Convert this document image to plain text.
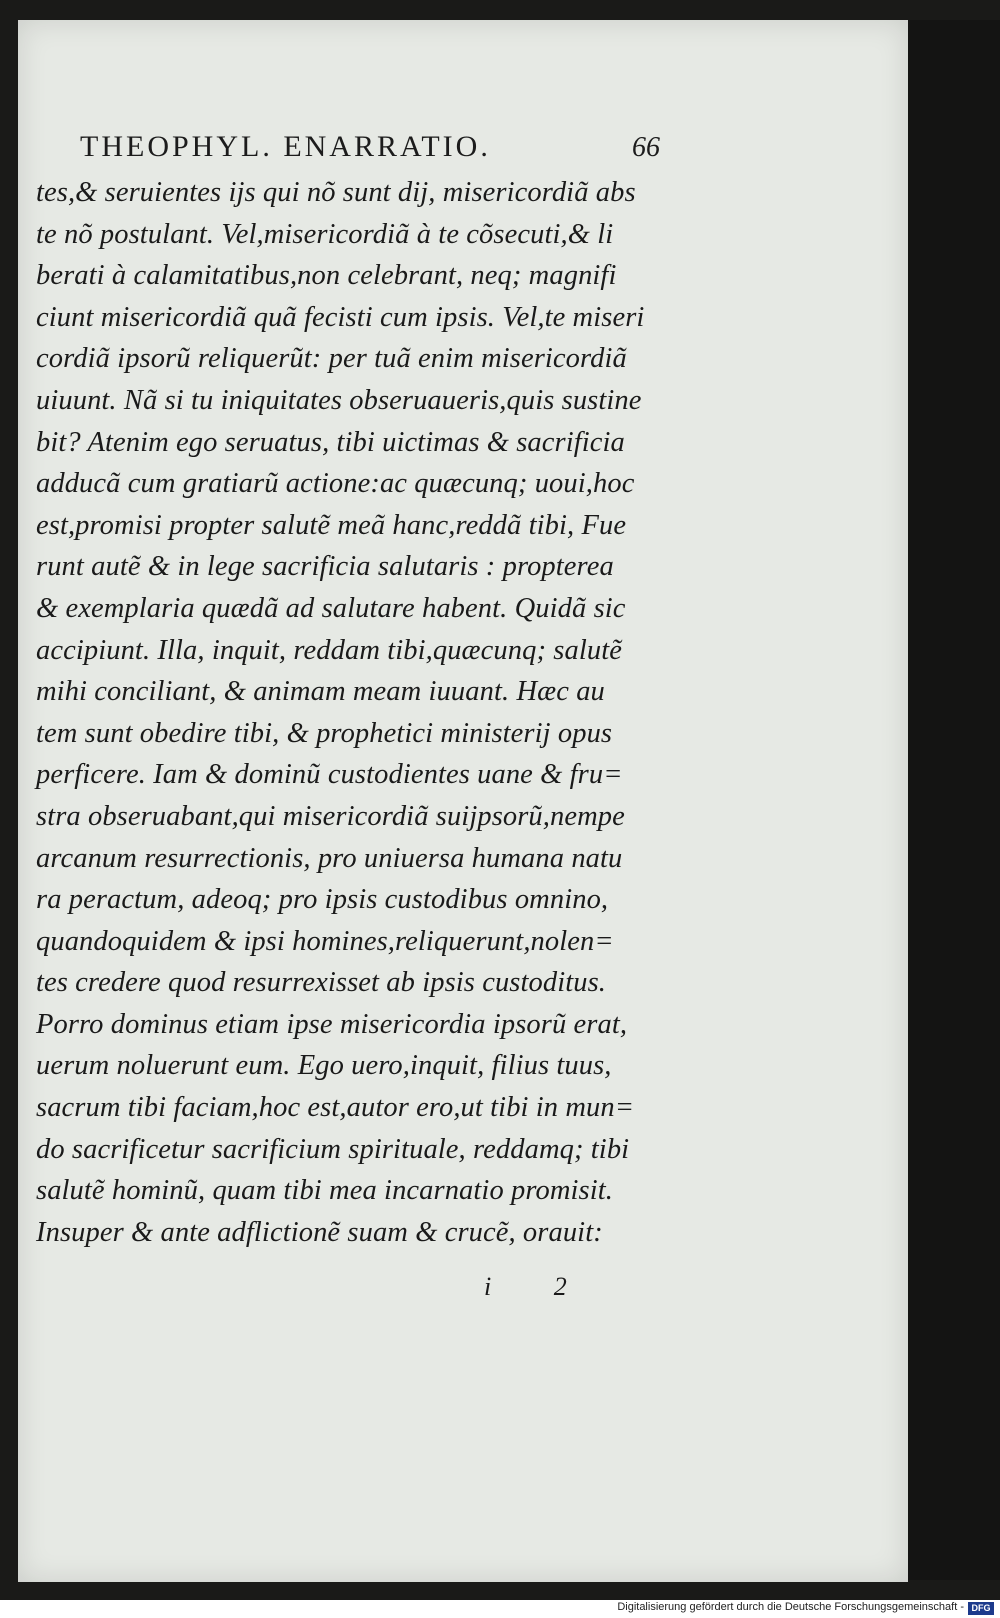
THEOPHYL. ENARRATIO.	66
tes,& seruientes ijs qui nõ sunt dij, misericordiã abs
te nõ postulant. Vel,misericordiã à te cõsecuti,& li
berati à calamitatibus,non celebrant, neq; magnifi
ciunt misericordiã quã fecisti cum ipsis. Vel,te miseri
cordiã ipsorũ reliquerũt: per tuã enim misericordiã
uiuunt. Nã si tu iniquitates obseruaueris,quis sustine
bit? Atenim ego seruatus, tibi uictimas & sacrificia
adducã cum gratiarũ actione:ac quæcunq; uoui,hoc
est,promisi propter salutẽ meã hanc,reddã tibi, Fue
runt autẽ & in lege sacrificia salutaris : propterea
& exemplaria quædã ad salutare habent. Quidã sic
accipiunt. Illa, inquit, reddam tibi,quæcunq; salutẽ
mihi conciliant, & animam meam iuuant. Hæc au
tem sunt obedire tibi, & prophetici ministerij opus
perficere. Iam & dominũ custodientes uane & fru=
stra obseruabant,qui misericordiã suijpsorũ,nempe
arcanum resurrectionis, pro uniuersa humana natu
ra peractum, adeoq; pro ipsis custodibus omnino,
quandoquidem & ipsi homines,reliquerunt,nolen=
tes credere quod resurrexisset ab ipsis custoditus.
Porro dominus etiam ipse misericordia ipsorũ erat,
uerum noluerunt eum. Ego uero,inquit, filius tuus,
sacrum tibi faciam,hoc est,autor ero,ut tibi in mun=
do sacrificetur sacrificium spirituale, reddamq; tibi
salutẽ hominũ, quam tibi mea incarnatio promisit.
Insuper & ante adflictionẽ suam & crucẽ, orauit:
i 2
Digitalisierung gefördert durch die Deutsche Forschungsgemeinschaft - DFG
